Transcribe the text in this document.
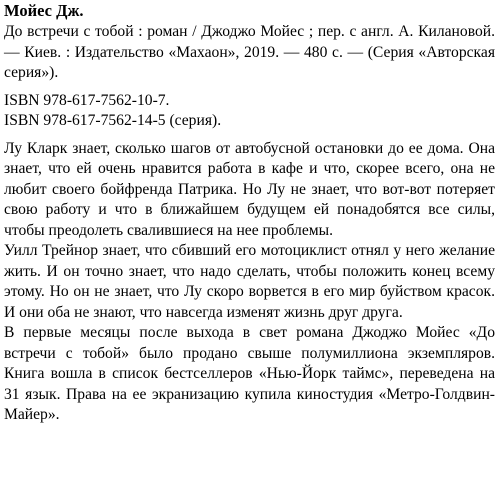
Мойес Дж.

До встречи с тобой : роман / Джоджо Мойес ; пер. с англ. А. Килановой. — Киев. : Издательство «Махаон», 2019. — 480 с. — (Серия «Авторская серия»).

ISBN 978-617-7562-10-7.

ISBN 978-617-7562-14-5 (серия).

Лу Кларк знает, сколько шагов от автобусной остановки до ее дома. Она знает, что ей очень нравится работа в кафе и что, скорее всего, она не любит своего бойфренда Патрика. Но Лу не знает, что вот-вот потеряет свою работу и что в ближайшем будущем ей понадобятся все силы, чтобы преодолеть свалившиеся на нее проблемы.

Уилл Трейнор знает, что сбивший его мотоциклист отнял у него желание жить. И он точно знает, что надо сделать, чтобы положить конец всему этому. Но он не знает, что Лу скоро ворвется в его мир буйством красок. И они оба не знают, что навсегда изменят жизнь друг друга.

В первые месяцы после выхода в свет романа Джоджо Мойес «До встречи с тобой» было продано свыше полумиллиона экземпляров. Книга вошла в список бестселлеров «Нью-Йорк таймс», переведена на 31 язык. Права на ее экранизацию купила киностудия «Метро-Голдвин-Майер».
